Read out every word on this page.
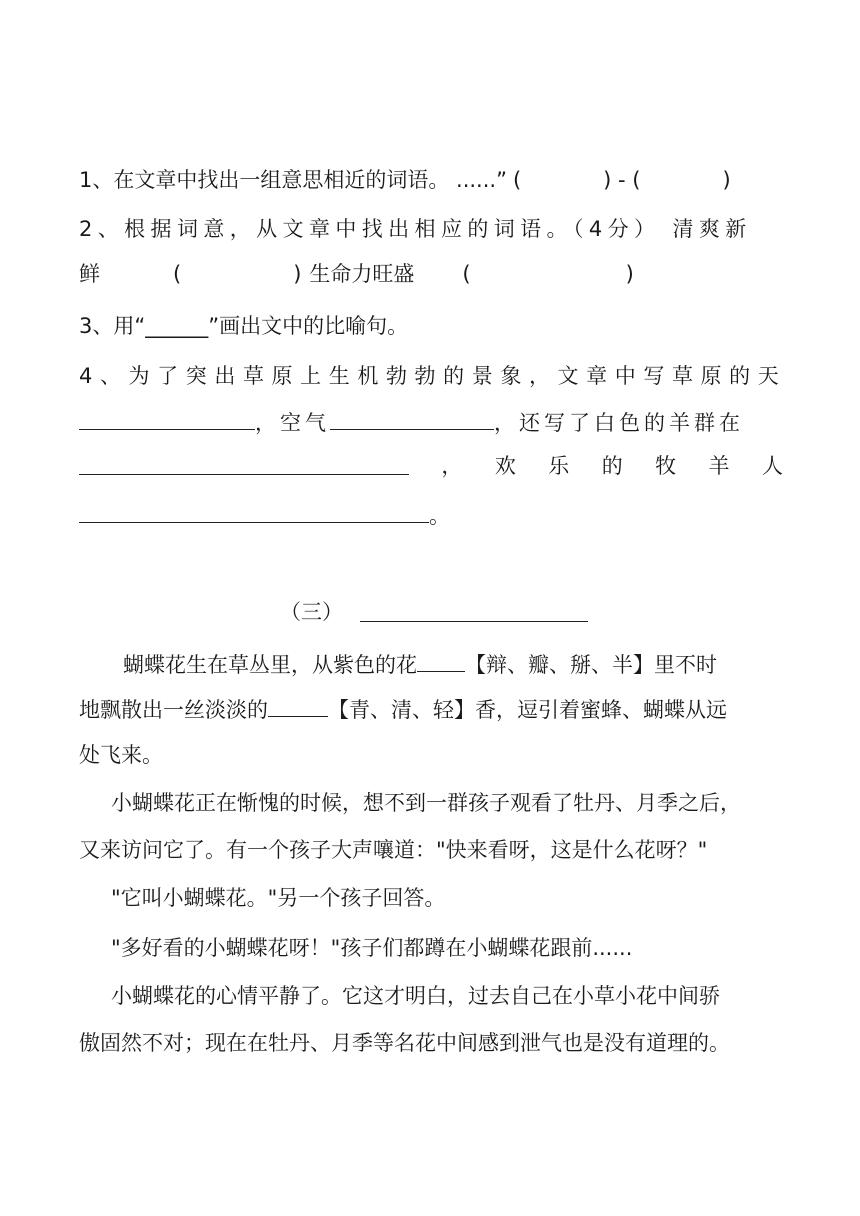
1、在文章中找出一组意思相近的词语。 ......” (	) - (	)
2、根据词意，从文章中找出相应的词语。（4分） 清爽新
鲜	(	) 生命力旺盛 (	)
3、用“______”画出文中的比喻句。
4、为了突出草原上生机勃勃的景象，文章中写草原的天
，空气	，还写了白色的羊群在
， 欢 乐 的 牧 羊 人
。
（三）
蝴蝶花生在草丛里，从紫色的花 【辩、瓣、掰、半】里不时
地飘散出一丝淡淡的	【青、清、轻】香，逗引着蜜蜂、蝴蝶从远
处飞来。
小蝴蝶花正在惭愧的时候，想不到一群孩子观看了牡丹、月季之后，
又来访问它了。有一个孩子大声嚷道："快来看呀，这是什么花呀？"
"它叫小蝴蝶花。"另一个孩子回答。
"多好看的小蝴蝶花呀！"孩子们都蹲在小蝴蝶花跟前......
小蝴蝶花的心情平静了。它这才明白，过去自己在小草小花中间骄
傲固然不对；现在在牡丹、月季等名花中间感到泄气也是没有道理的。
